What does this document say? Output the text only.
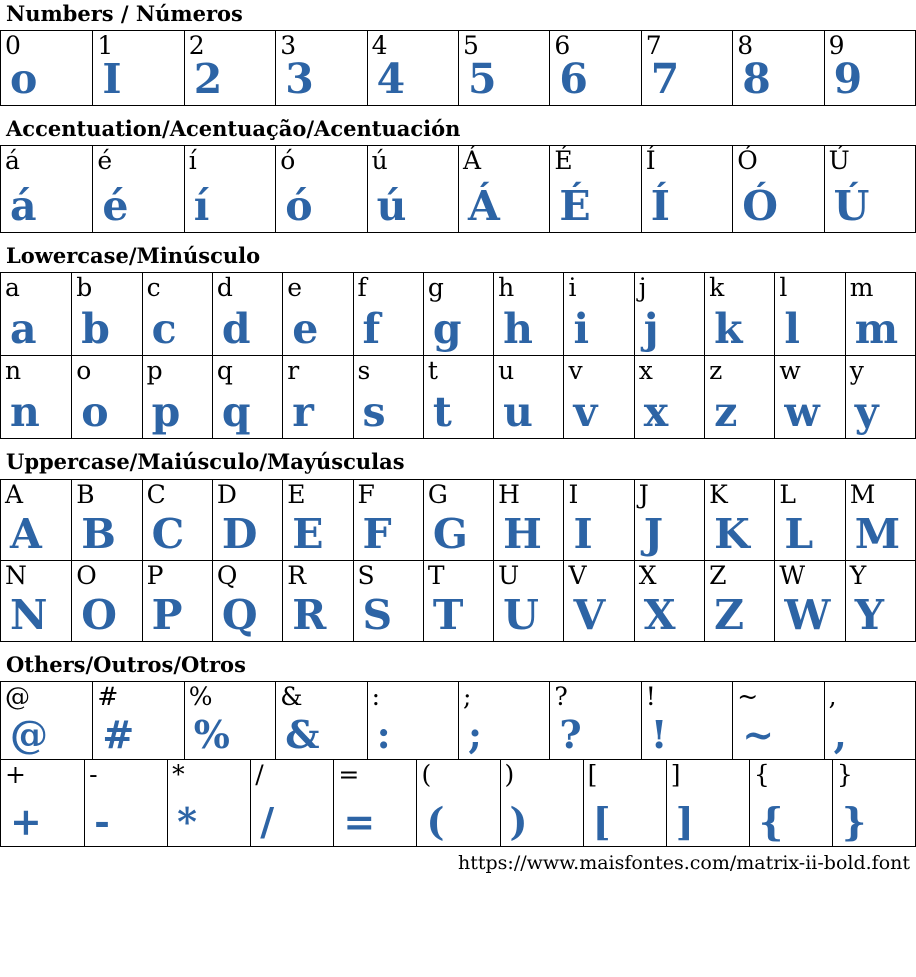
Numbers / Números
0
o
1
I
2
2
3
3
4
4
5
5
6
6
7
7
8
8
9
9
Accentuation/Acentuação/Acentuación
á
á
é
é
í
í
ó
ó
ú
ú
Á
Á
É
É
Í
Í
Ó
Ó
Ú
Ú
Lowercase/Minúsculo
a
a
b
b
c
c
d
d
e
e
f
f
g
g
h
h
i
i
j
j
k
k
l
l
m
m
n
n
o
o
p
p
q
q
r
r
s
s
t
t
u
u
v
v
x
x
z
z
w
w
y
y
Uppercase/Maiúsculo/Mayúsculas
A
A
B
B
C
C
D
D
E
E
F
F
G
G
H
H
I
I
J
J
K
K
L
L
M
M
N
N
O
O
P
P
Q
Q
R
R
S
S
T
T
U
U
V
V
X
X
Z
Z
W
W
Y
Y
Others/Outros/Otros
@
@
#
#
%
%
&
&
:
:
;
;
?
?
!
!
~
~
,
,
+
+
-
-
*
*
/
/
=
=
(
(
)
)
[
[
]
]
{
{
}
}
https://www.maisfontes.com/matrix-ii-bold.font
